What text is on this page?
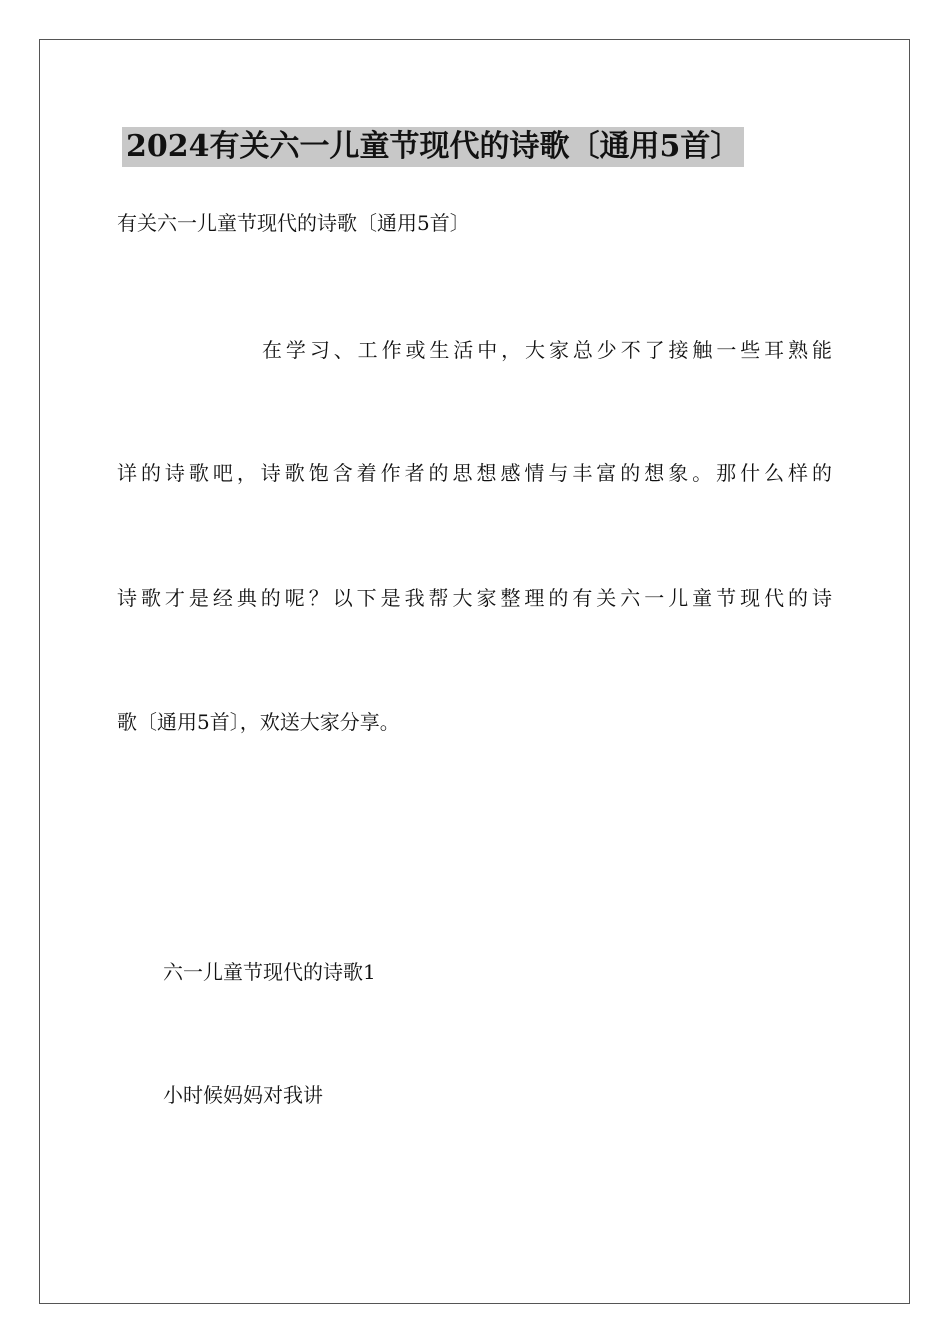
2024有关六一儿童节现代的诗歌〔通用5首〕
有关六一儿童节现代的诗歌〔通用5首〕
在学习、工作或生活中，大家总少不了接触一些耳熟能
详的诗歌吧，诗歌饱含着作者的思想感情与丰富的想象。那什么样的
诗歌才是经典的呢？以下是我帮大家整理的有关六一儿童节现代的诗
歌〔通用5首〕，欢送大家分享。
六一儿童节现代的诗歌1
小时候妈妈对我讲
